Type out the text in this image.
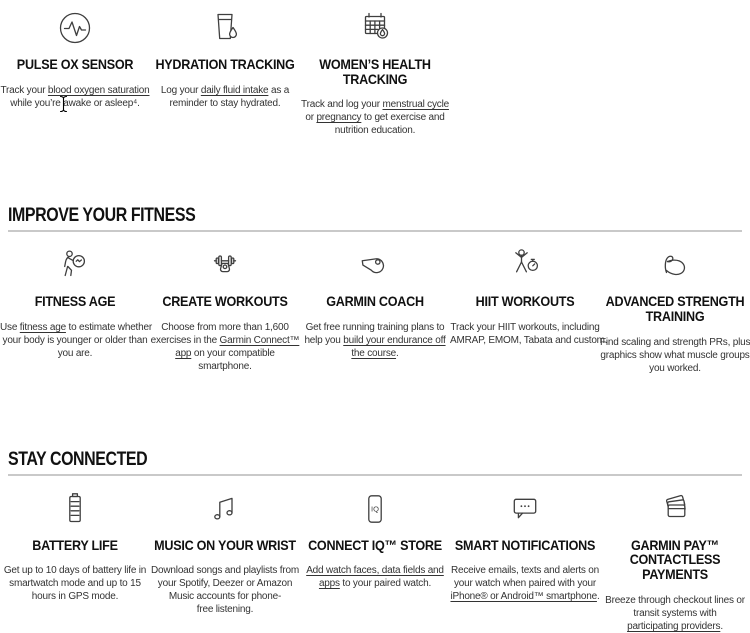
PULSE OX SENSOR

Track your blood oxygen saturation
while you’re awake or asleep⁴.

HYDRATION TRACKING

Log your daily fluid intake as a
reminder to stay hydrated.

WOMEN’S HEALTH TRACKING

Track and log your menstrual cycle
or pregnancy to get exercise and
nutrition education.

IMPROVE YOUR FITNESS
FITNESS AGE

Use fitness age to estimate whether
your body is younger or older than
you are.

CREATE WORKOUTS

Choose from more than 1,600
exercises in the Garmin Connect™
app on your compatible
smartphone.

GARMIN COACH

Get free running training plans to
help you build your endurance off
the course.

HIIT WORKOUTS

Track your HIIT workouts, including
AMRAP, EMOM, Tabata and custom.

ADVANCED STRENGTH TRAINING

Find scaling and strength PRs, plus
graphics show what muscle groups
you worked.

STAY CONNECTED
BATTERY LIFE

Get up to 10 days of battery life in
smartwatch mode and up to 15
hours in GPS mode.

MUSIC ON YOUR WRIST

Download songs and playlists from
your Spotify, Deezer or Amazon
Music accounts for phone-
free listening.

IQ
CONNECT IQ™ STORE

Add watch faces, data fields and
apps to your paired watch.

SMART NOTIFICATIONS

Receive emails, texts and alerts on
your watch when paired with your
iPhone® or Android™ smartphone.

GARMIN PAY™ CONTACTLESS PAYMENTS

Breeze through checkout lines or
transit systems with
participating providers.
